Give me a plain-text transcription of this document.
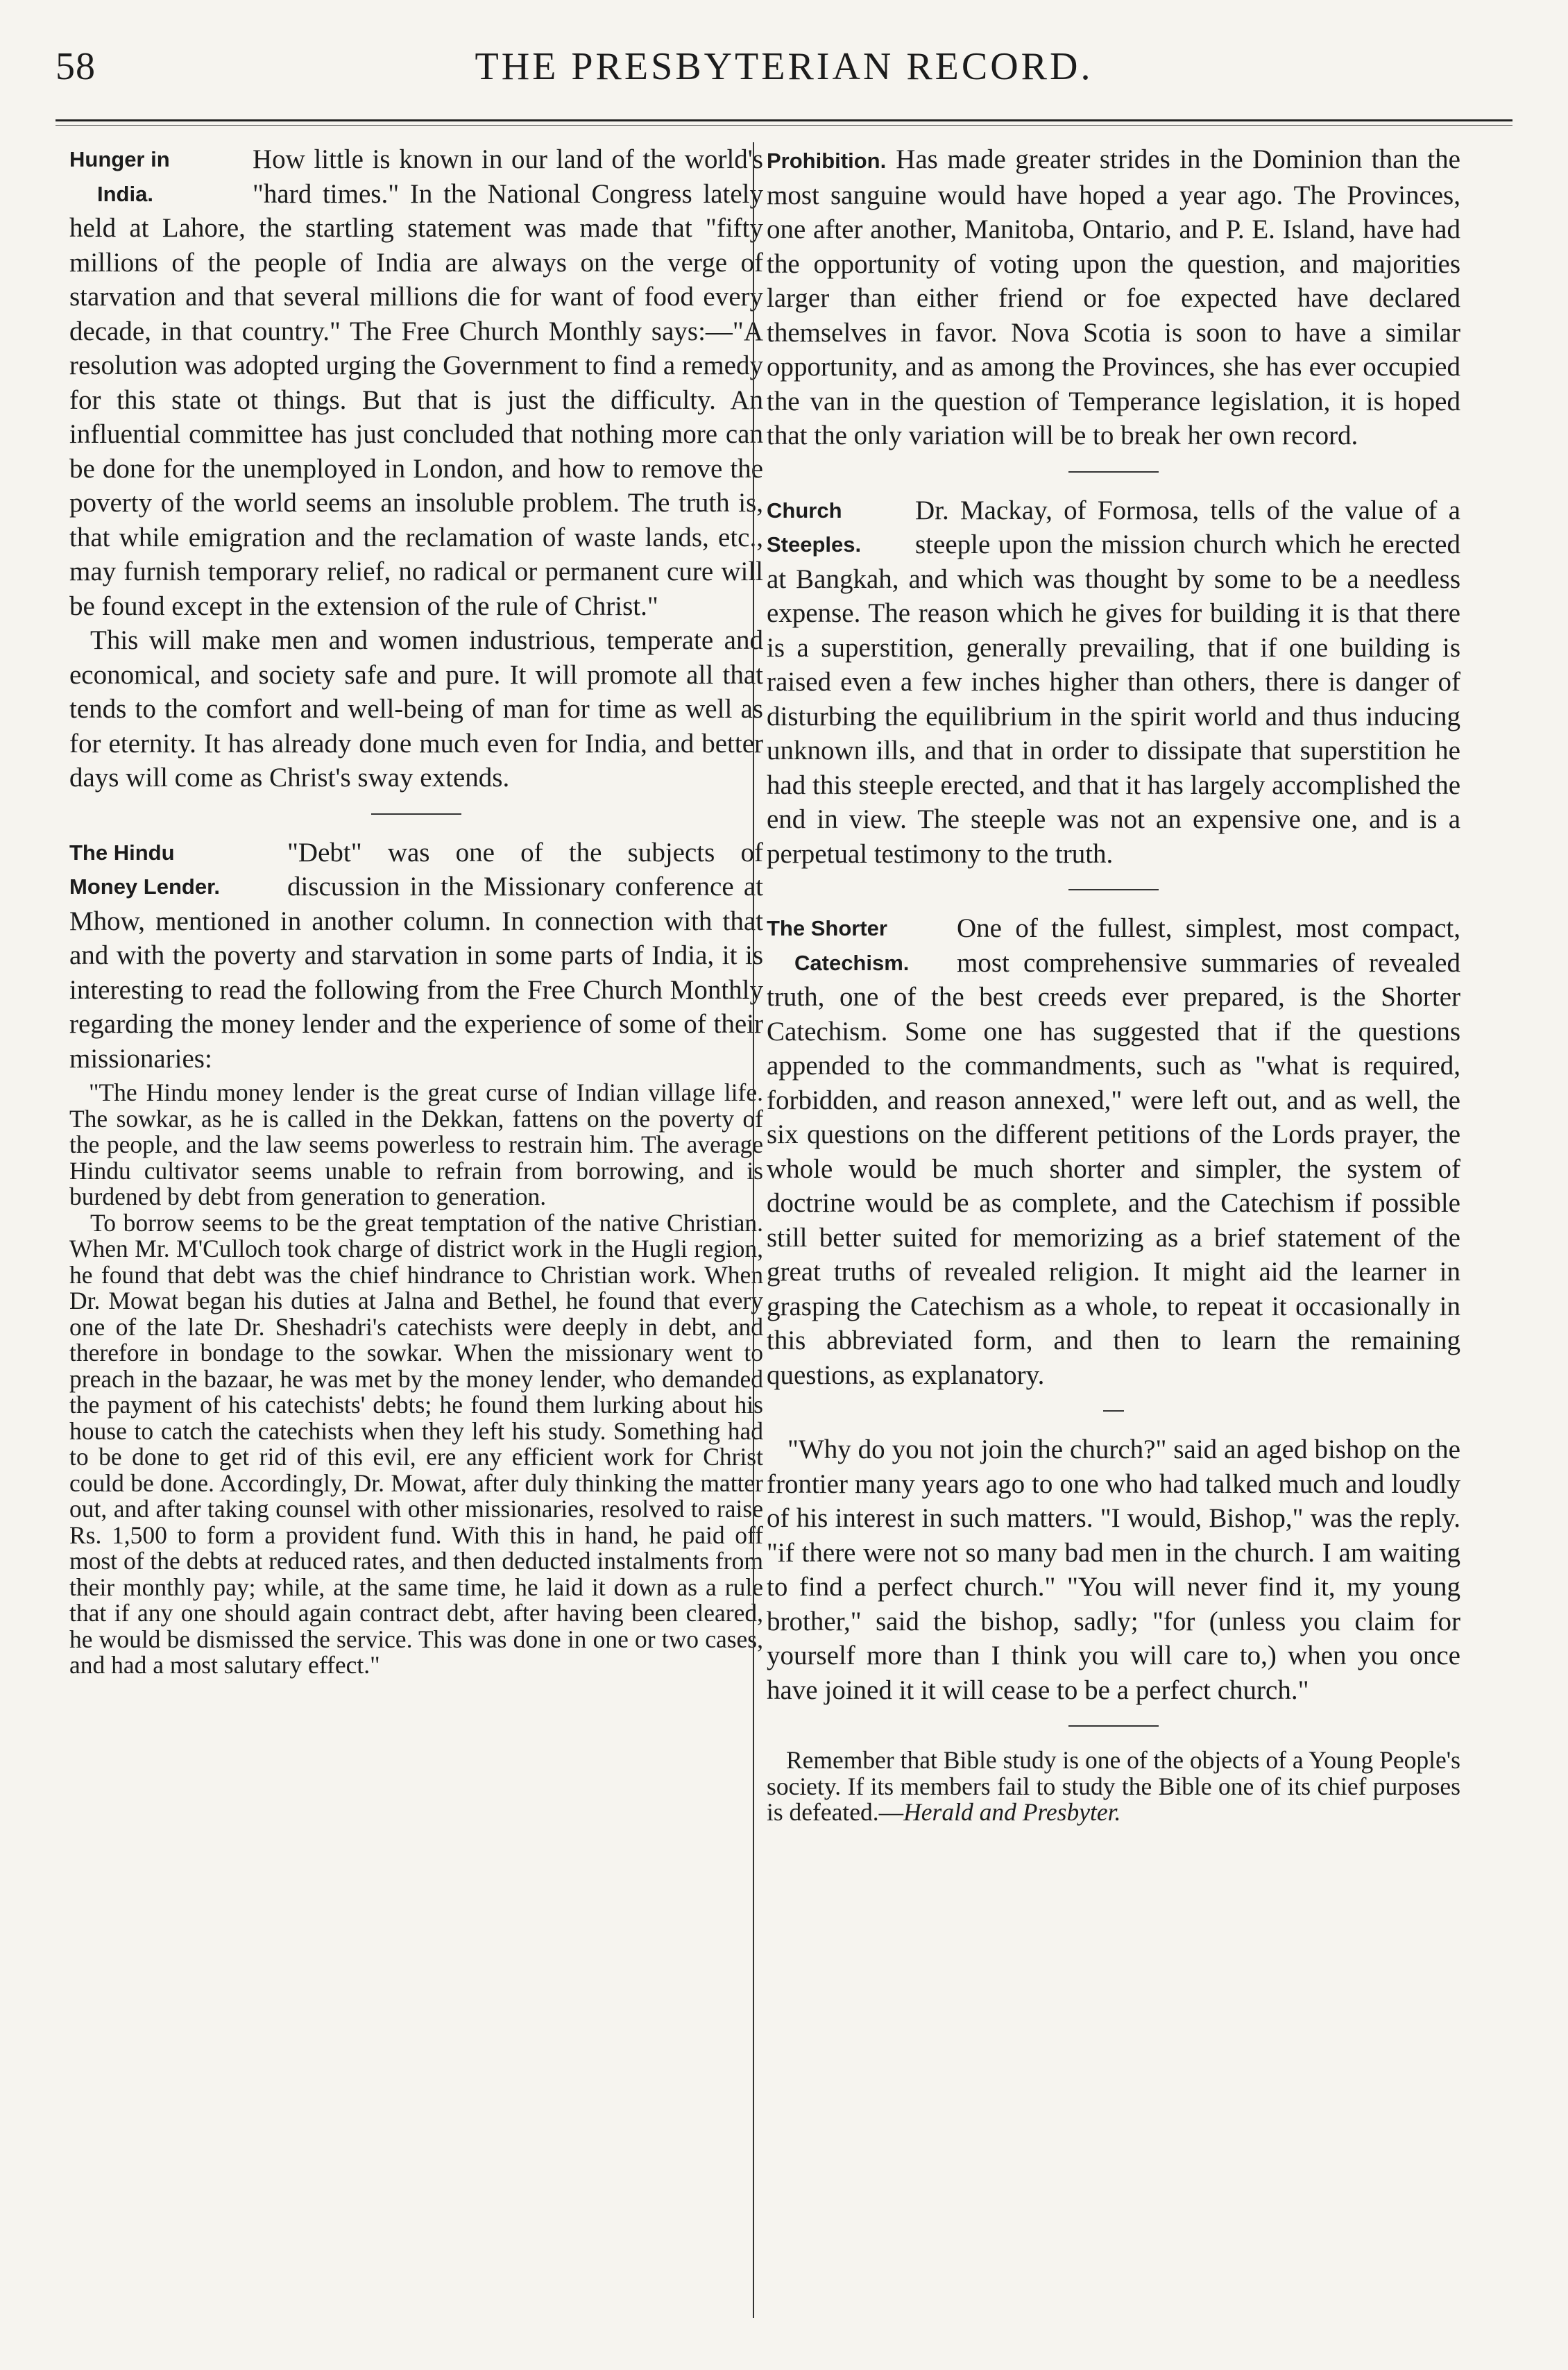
58	THE PRESBYTERIAN RECORD.
Hunger in
India.

How little is known in our land of the world's "hard times." In the National Congress lately held at Lahore, the startling statement was made that "fifty millions of the people of India are always on the verge of starvation and that several millions die for want of food every decade, in that country." The Free Church Monthly says:—"A resolution was adopted urging the Government to find a remedy for this state ot things. But that is just the difficulty. An influential committee has just concluded that nothing more can be done for the unemployed in London, and how to remove the poverty of the world seems an insoluble problem. The truth is, that while emigration and the reclamation of waste lands, etc., may furnish temporary relief, no radical or permanent cure will be found except in the extension of the rule of Christ."

This will make men and women industrious, temperate and economical, and society safe and pure. It will promote all that tends to the comfort and well-being of man for time as well as for eternity. It has already done much even for India, and better days will come as Christ's sway extends.

The Hindu
Money Lender.

"Debt" was one of the subjects of discussion in the Missionary conference at Mhow, mentioned in another column. In connection with that and with the poverty and starvation in some parts of India, it is interesting to read the following from the Free Church Monthly regarding the money lender and the experience of some of their missionaries:

"The Hindu money lender is the great curse of Indian village life. The sowkar, as he is called in the Dekkan, fattens on the poverty of the people, and the law seems powerless to restrain him. The average Hindu cultivator seems unable to refrain from borrowing, and is burdened by debt from generation to generation.

To borrow seems to be the great temptation of the native Christian. When Mr. M'Culloch took charge of district work in the Hugli region, he found that debt was the chief hindrance to Christian work. When Dr. Mowat began his duties at Jalna and Bethel, he found that every one of the late Dr. Sheshadri's catechists were deeply in debt, and therefore in bondage to the sowkar. When the missionary went to preach in the bazaar, he was met by the money lender, who demanded the payment of his catechists' debts; he found them lurking about his house to catch the catechists when they left his study. Something had to be done to get rid of this evil, ere any efficient work for Christ could be done. Accordingly, Dr. Mowat, after duly thinking the matter out, and after taking counsel with other missionaries, resolved to raise Rs. 1,500 to form a provident fund. With this in hand, he paid off most of the debts at reduced rates, and then deducted instalments from their monthly pay; while, at the same time, he laid it down as a rule that if any one should again contract debt, after having been cleared, he would be dismissed the service. This was done in one or two cases, and had a most salutary effect."

Prohibition. Has made greater strides in the Dominion than the most sanguine would have hoped a year ago. The Provinces, one after another, Manitoba, Ontario, and P. E. Island, have had the opportunity of voting upon the question, and majorities larger than either friend or foe expected have declared themselves in favor. Nova Scotia is soon to have a similar opportunity, and as among the Provinces, she has ever occupied the van in the question of Temperance legislation, it is hoped that the only variation will be to break her own record.

Church
Steeples.

Dr. Mackay, of Formosa, tells of the value of a steeple upon the mission church which he erected at Bangkah, and which was thought by some to be a needless expense. The reason which he gives for building it is that there is a superstition, generally prevailing, that if one building is raised even a few inches higher than others, there is danger of disturbing the equilibrium in the spirit world and thus inducing unknown ills, and that in order to dissipate that superstition he had this steeple erected, and that it has largely accomplished the end in view. The steeple was not an expensive one, and is a perpetual testimony to the truth.

The Shorter
Catechism.

One of the fullest, simplest, most compact, most comprehensive summaries of revealed truth, one of the best creeds ever prepared, is the Shorter Catechism. Some one has suggested that if the questions appended to the commandments, such as "what is required, forbidden, and reason annexed," were left out, and as well, the six questions on the different petitions of the Lords prayer, the whole would be much shorter and simpler, the system of doctrine would be as complete, and the Catechism if possible still better suited for memorizing as a brief statement of the great truths of revealed religion. It might aid the learner in grasping the Catechism as a whole, to repeat it occasionally in this abbreviated form, and then to learn the remaining questions, as explanatory.

"Why do you not join the church?" said an aged bishop on the frontier many years ago to one who had talked much and loudly of his interest in such matters. "I would, Bishop," was the reply. "if there were not so many bad men in the church. I am waiting to find a perfect church." "You will never find it, my young brother," said the bishop, sadly; "for (unless you claim for yourself more than I think you will care to,) when you once have joined it it will cease to be a perfect church."

Remember that Bible study is one of the objects of a Young People's society. If its members fail to study the Bible one of its chief purposes is defeated.—Herald and Presbyter.
